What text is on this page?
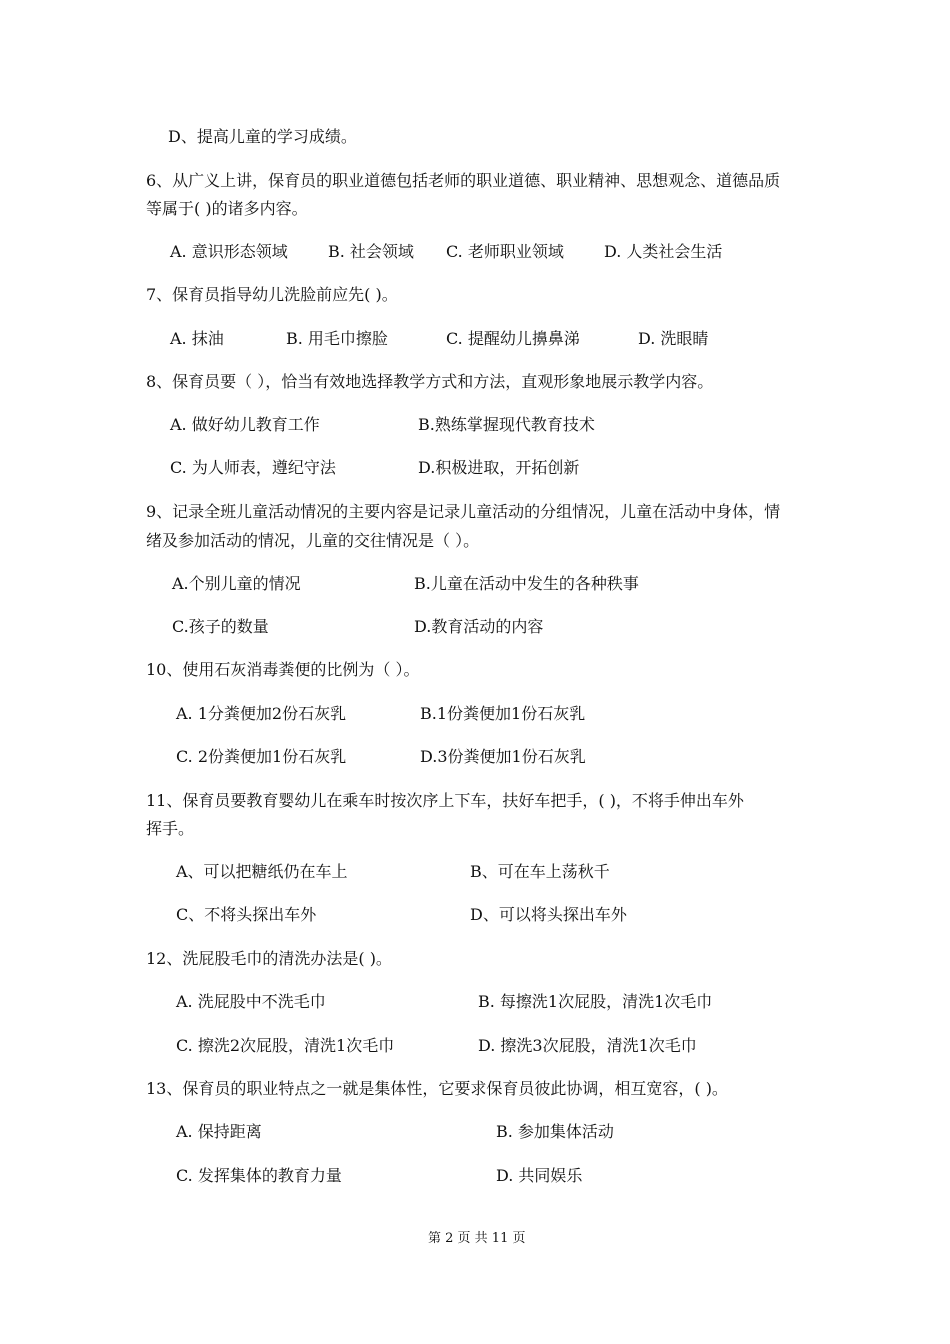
D、提高儿童的学习成绩。
6、从广义上讲，保育员的职业道德包括老师的职业道德、职业精神、思想观念、道德品质
等属于( )的诸多内容。
A. 意识形态领域	B. 社会领域 C. 老师职业领域	D. 人类社会生活
7、保育员指导幼儿洗脸前应先( )。
A. 抹油	B. 用毛巾擦脸	C. 提醒幼儿擤鼻涕	D. 洗眼睛
8、保育员要（ ），恰当有效地选择教学方式和方法，直观形象地展示教学内容。
A. 做好幼儿教育工作	B.熟练掌握现代教育技术
C. 为人师表，遵纪守法	D.积极进取，开拓创新
9、记录全班儿童活动情况的主要内容是记录儿童活动的分组情况，儿童在活动中身体，情
绪及参加活动的情况，儿童的交往情况是（ ）。
A.个别儿童的情况	B.儿童在活动中发生的各种秩事
C.孩子的数量	D.教育活动的内容
10、使用石灰消毒粪便的比例为（ ）。
A. 1分粪便加2份石灰乳	B.1份粪便加1份石灰乳
C. 2份粪便加1份石灰乳	D.3份粪便加1份石灰乳
11、保育员要教育婴幼儿在乘车时按次序上下车，扶好车把手，( )，不将手伸出车外
挥手。
A、可以把糖纸仍在车上	B、可在车上荡秋千
C、不将头探出车外	D、可以将头探出车外
12、洗屁股毛巾的清洗办法是( )。
A. 洗屁股中不洗毛巾	B. 每擦洗1次屁股，清洗1次毛巾
C. 擦洗2次屁股，清洗1次毛巾	D. 擦洗3次屁股，清洗1次毛巾
13、保育员的职业特点之一就是集体性，它要求保育员彼此协调，相互宽容，( )。
A. 保持距离	B. 参加集体活动
C. 发挥集体的教育力量	D. 共同娱乐
第 2 页 共 11 页
